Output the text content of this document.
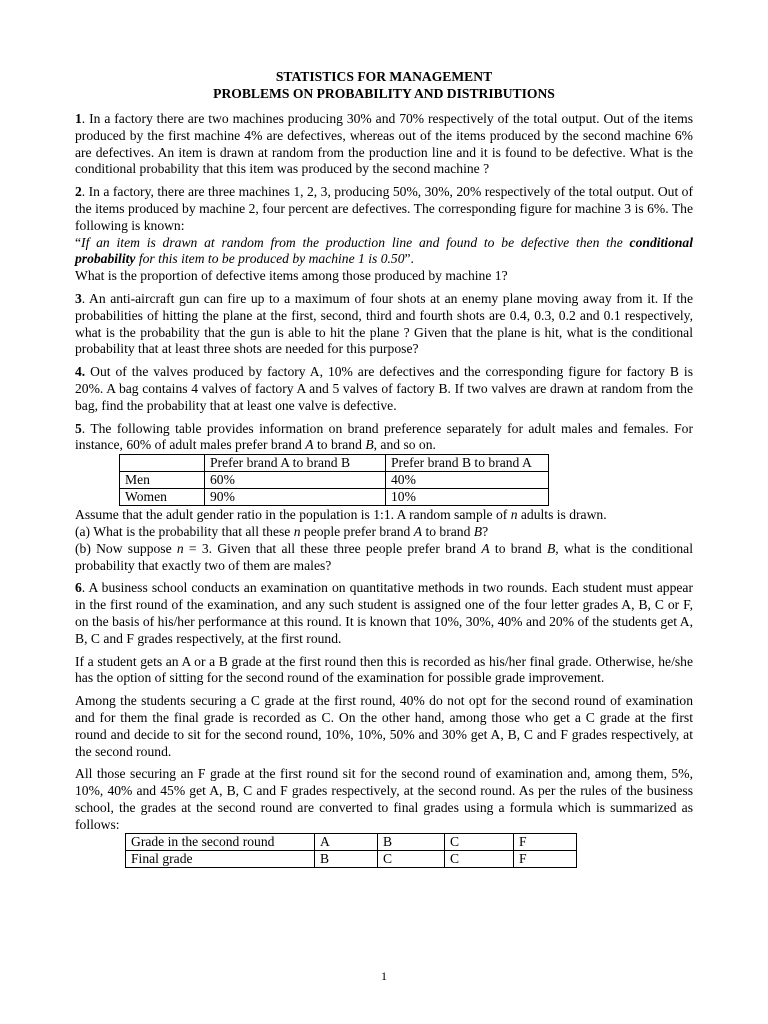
STATISTICS FOR MANAGEMENT
PROBLEMS ON PROBABILITY AND DISTRIBUTIONS

1. In a factory there are two machines producing 30% and 70% respectively of the total output. Out of the items produced by the first machine 4% are defectives, whereas out of the items produced by the second machine 6% are defectives. An item is drawn at random from the production line and it is found to be defective. What is the conditional probability that this item was produced by the second machine ?

2. In a factory, there are three machines 1, 2, 3, producing 50%, 30%, 20% respectively of the total output. Out of the items produced by machine 2, four percent are defectives. The corresponding figure for machine 3 is 6%. The following is known:
“If an item is drawn at random from the production line and found to be defective then the conditional probability for this item to be produced by machine 1 is 0.50”.
What is the proportion of defective items among those produced by machine 1?

3. An anti-aircraft gun can fire up to a maximum of four shots at an enemy plane moving away from it. If the probabilities of hitting the plane at the first, second, third and fourth shots are 0.4, 0.3, 0.2 and 0.1 respectively, what is the probability that the gun is able to hit the plane ? Given that the plane is hit, what is the conditional probability that at least three shots are needed for this purpose?

4. Out of the valves produced by factory A, 10% are defectives and the corresponding figure for factory B is 20%. A bag contains 4 valves of factory A and 5 valves of factory B. If two valves are drawn at random from the bag, find the probability that at least one valve is defective.

5. The following table provides information on brand preference separately for adult males and females. For instance, 60% of adult males prefer brand A to brand B, and so on.

	Prefer brand A to brand B	Prefer brand B to brand A
Men	60%	40%
Women	90%	10%

Assume that the adult gender ratio in the population is 1:1. A random sample of n adults is drawn.
(a) What is the probability that all these n people prefer brand A to brand B?
(b) Now suppose n = 3. Given that all these three people prefer brand A to brand B, what is the conditional probability that exactly two of them are males?

6. A business school conducts an examination on quantitative methods in two rounds. Each student must appear in the first round of the examination, and any such student is assigned one of the four letter grades A, B, C or F, on the basis of his/her performance at this round. It is known that 10%, 30%, 40% and 20% of the students get A, B, C and F grades respectively, at the first round.

If a student gets an A or a B grade at the first round then this is recorded as his/her final grade. Otherwise, he/she has the option of sitting for the second round of the examination for possible grade improvement.

Among the students securing a C grade at the first round, 40% do not opt for the second round of examination and for them the final grade is recorded as C. On the other hand, among those who get a C grade at the first round and decide to sit for the second round, 10%, 10%, 50% and 30% get A, B, C and F grades respectively, at the second round.

All those securing an F grade at the first round sit for the second round of examination and, among them, 5%, 10%, 40% and 45% get A, B, C and F grades respectively, at the second round. As per the rules of the business school, the grades at the second round are converted to final grades using a formula which is summarized as follows:

Grade in the second round	A	B	C	F
Final grade	B	C	C	F
1
